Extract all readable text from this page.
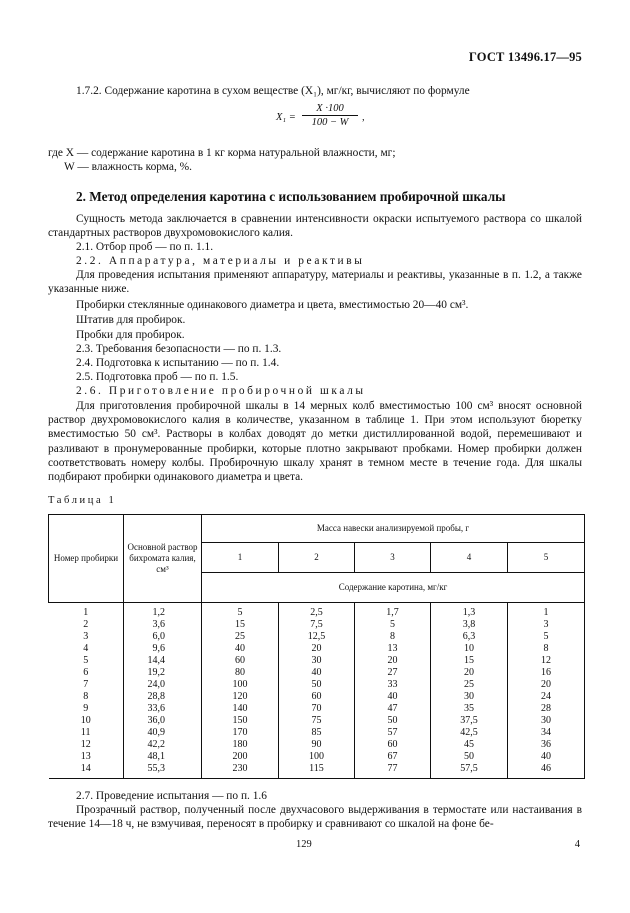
ГОСТ 13496.17—95
1.7.2. Содержание каротина в сухом веществе (X₁), мг/кг, вычисляют по формуле
$X_1 = \frac{X \cdot 100}{100 - W}$ ,
где X — содержание каротина в 1 кг корма натуральной влажности, мг;
W — влажность корма, %.
2. Метод определения каротина с использованием пробирочной шкалы
Сущность метода заключается в сравнении интенсивности окраски испытуемого раствора со шкалой стандартных растворов двухромовокислого калия.
2.1. Отбор проб — по п. 1.1.
2.2. Аппаратура, материалы и реактивы
Для проведения испытания применяют аппаратуру, материалы и реактивы, указанные в п. 1.2, а также указанные ниже.
Пробирки стеклянные одинакового диаметра и цвета, вместимостью 20—40 см³.
Штатив для пробирок.
Пробки для пробирок.
2.3. Требования безопасности — по п. 1.3.
2.4. Подготовка к испытанию — по п. 1.4.
2.5. Подготовка проб — по п. 1.5.
2.6. Приготовление пробирочной шкалы
Для приготовления пробирочной шкалы в 14 мерных колб вместимостью 100 см³ вносят основной раствор двухромовокислого калия в количестве, указанном в таблице 1. При этом используют бюретку вместимостью 50 см³. Растворы в колбах доводят до метки дистиллированной водой, перемешивают и разливают в пронумерованные пробирки, которые плотно закрывают пробками. Номер пробирки должен соответствовать номеру колбы. Пробирочную шкалу хранят в темном месте в течение года. Для шкалы подбирают пробирки одинакового диаметра и цвета.
Таблица 1
Номер пробирки	Основной раствор бихромата калия, см³	Масса навески анализируемой пробы, г				
		1	2	3	4	5
		Содержание каротина, мг/кг				
1	1,2	5	2,5	1,7	1,3	1
2	3,6	15	7,5	5	3,8	3
3	6,0	25	12,5	8	6,3	5
4	9,6	40	20	13	10	8
5	14,4	60	30	20	15	12
6	19,2	80	40	27	20	16
7	24,0	100	50	33	25	20
8	28,8	120	60	40	30	24
9	33,6	140	70	47	35	28
10	36,0	150	75	50	37,5	30
11	40,9	170	85	57	42,5	34
12	42,2	180	90	60	45	36
13	48,1	200	100	67	50	40
14	55,3	230	115	77	57,5	46
2.7. Проведение испытания — по п. 1.6
Прозрачный раствор, полученный после двухчасового выдерживания в термостате или настаивания в течение 14—18 ч, не взмучивая, переносят в пробирку и сравнивают со шкалой на фоне бе-
129	4
